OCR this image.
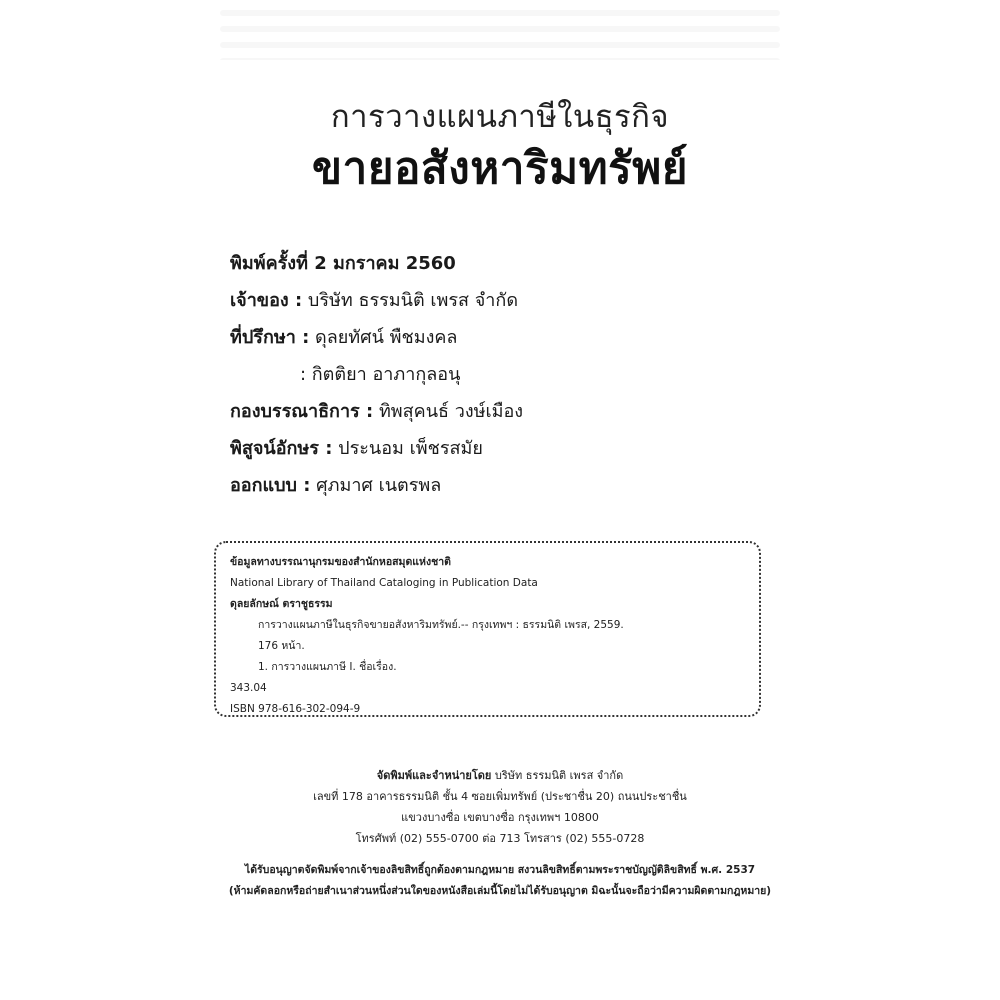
การวางแผนภาษีในธุรกิจ
ขายอสังหาริมทรัพย์
พิมพ์ครั้งที่ 2 มกราคม 2560
เจ้าของ : บริษัท ธรรมนิติ เพรส จำกัด
ที่ปรึกษา : ดุลยทัศน์ พืชมงคล
: กิตติยา อาภากุลอนุ
กองบรรณาธิการ : ทิพสุคนธ์ วงษ์เมือง
พิสูจน์อักษร : ประนอม เพ็ชรสมัย
ออกแบบ : ศุภมาศ เนตรพล
ข้อมูลทางบรรณานุกรมของสำนักหอสมุดแห่งชาติ
National Library of Thailand Cataloging in Publication Data
ดุลยลักษณ์ ตราชูธรรม
การวางแผนภาษีในธุรกิจขายอสังหาริมทรัพย์.-- กรุงเทพฯ : ธรรมนิติ เพรส, 2559.
176 หน้า.
1. การวางแผนภาษี I. ชื่อเรื่อง.
343.04
ISBN 978-616-302-094-9
จัดพิมพ์และจำหน่ายโดย บริษัท ธรรมนิติ เพรส จำกัด
เลขที่ 178 อาคารธรรมนิติ ชั้น 4 ซอยเพิ่มทรัพย์ (ประชาชื่น 20) ถนนประชาชื่น
แขวงบางซื่อ เขตบางซื่อ กรุงเทพฯ 10800
โทรศัพท์ (02) 555-0700 ต่อ 713 โทรสาร (02) 555-0728
ได้รับอนุญาตจัดพิมพ์จากเจ้าของลิขสิทธิ์ถูกต้องตามกฎหมาย สงวนลิขสิทธิ์ตามพระราชบัญญัติลิขสิทธิ์ พ.ศ. 2537
(ห้ามคัดลอกหรือถ่ายสำเนาส่วนหนึ่งส่วนใดของหนังสือเล่มนี้โดยไม่ได้รับอนุญาต มิฉะนั้นจะถือว่ามีความผิดตามกฎหมาย)
